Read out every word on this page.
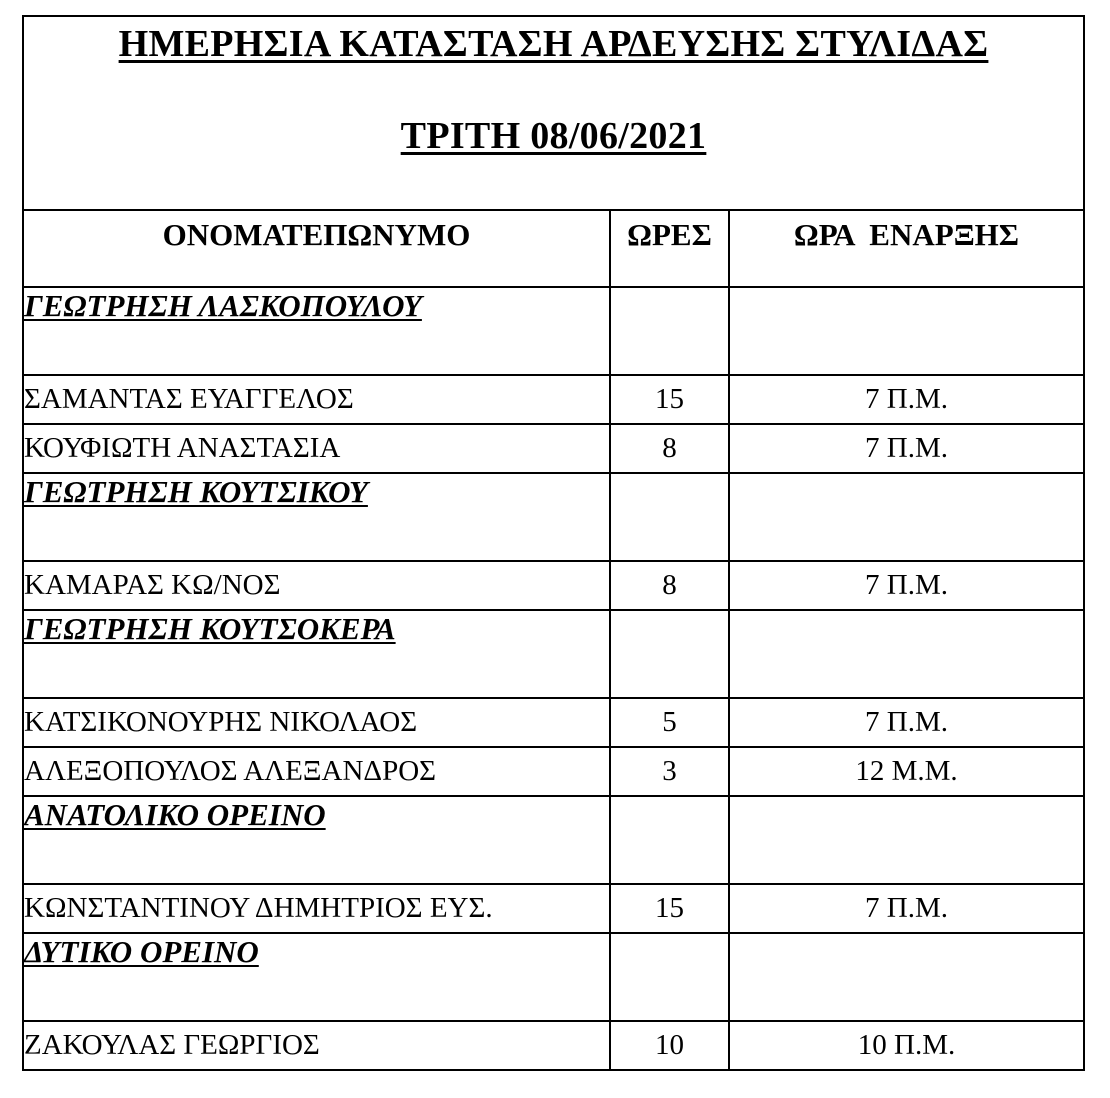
ΗΜΕΡΗΣΙΑ ΚΑΤΑΣΤΑΣΗ ΑΡΔΕΥΣΗΣ ΣΤΥΛΙΔΑΣ
ΤΡΙΤΗ 08/06/2021		

ΟΝΟΜΑΤΕΠΩΝΥΜΟ	ΩΡΕΣ	ΩΡΑ  ΕΝΑΡΞΗΣ
ΓΕΩΤΡΗΣΗ ΛΑΣΚΟΠΟΥΛΟΥ		
ΣΑΜΑΝΤΑΣ ΕΥΑΓΓΕΛΟΣ	15	7 Π.Μ.
ΚΟΥΦΙΩΤΗ ΑΝΑΣΤΑΣΙΑ	8	7 Π.Μ.
ΓΕΩΤΡΗΣΗ ΚΟΥΤΣΙΚΟΥ		
ΚΑΜΑΡΑΣ ΚΩ/ΝΟΣ	8	7 Π.Μ.
ΓΕΩΤΡΗΣΗ ΚΟΥΤΣΟΚΕΡΑ		
ΚΑΤΣΙΚΟΝΟΥΡΗΣ ΝΙΚΟΛΑΟΣ	5	7 Π.Μ.
ΑΛΕΞΟΠΟΥΛΟΣ ΑΛΕΞΑΝΔΡΟΣ	3	12 Μ.Μ.
ΑΝΑΤΟΛΙΚΟ ΟΡΕΙΝΟ		
ΚΩΝΣΤΑΝΤΙΝΟΥ ΔΗΜΗΤΡΙΟΣ ΕΥΣ.	15	7 Π.Μ.
ΔΥΤΙΚΟ ΟΡΕΙΝΟ		
ΖΑΚΟΥΛΑΣ ΓΕΩΡΓΙΟΣ	10	10 Π.Μ.
